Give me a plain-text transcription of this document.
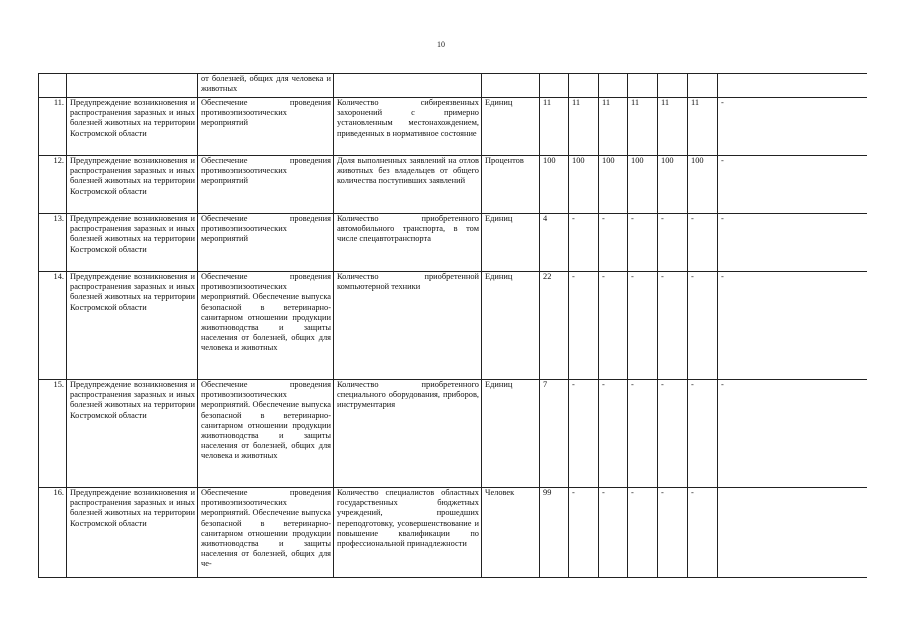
10
		от болезней, общих для человека и животных									
11.	Предупреждение возникновения и распространения заразных и иных болезней животных на территории Костромской области	Обеспечение проведения противоэпизоотических мероприятий	Количество сибиреязвенных захоронений с примерно установленным местонахождением, приведенных в нормативное состояние	Единиц	11	11	11	11	11	11	-
12.	Предупреждение возникновения и распространения заразных и иных болезней животных на территории Костромской области	Обеспечение проведения противоэпизоотических мероприятий	Доля выполненных заявлений на отлов животных без владельцев от общего количества поступивших заявлений	Процентов	100	100	100	100	100	100	-
13.	Предупреждение возникновения и распространения заразных и иных болезней животных на территории Костромской области	Обеспечение проведения противоэпизоотических мероприятий	Количество приобретенного автомобильного транспорта, в том числе спецавтотранспорта	Единиц	4	-	-	-	-	-	-
14.	Предупреждение возникновения и распространения заразных и иных болезней животных на территории Костромской области	Обеспечение проведения противоэпизоотических мероприятий. Обеспечение выпуска безопасной в ветеринарно-санитарном отношении продукции животноводства и защиты населения от болезней, общих для человека и животных	Количество приобретенной компьютерной техники	Единиц	22	-	-	-	-	-	-
15.	Предупреждение возникновения и распространения заразных и иных болезней животных на территории Костромской области	Обеспечение проведения противоэпизоотических мероприятий. Обеспечение выпуска безопасной в ветеринарно-санитарном отношении продукции животноводства и защиты населения от болезней, общих для человека и животных	Количество приобретенного специального оборудования, приборов, инструментария	Единиц	7	-	-	-	-	-	-
16.	Предупреждение возникновения и распространения заразных и иных болезней животных на территории Костромской области	Обеспечение проведения противоэпизоотических мероприятий. Обеспечение выпуска безопасной в ветеринарно-санитарном отношении продукции животноводства и защиты населения от болезней, общих для че-	Количество специалистов областных государственных бюджетных учреждений, прошедших переподготовку, усовершенствование и повышение квалификации по профессиональной принадлежности	Человек	99	-	-	-	-	-	
